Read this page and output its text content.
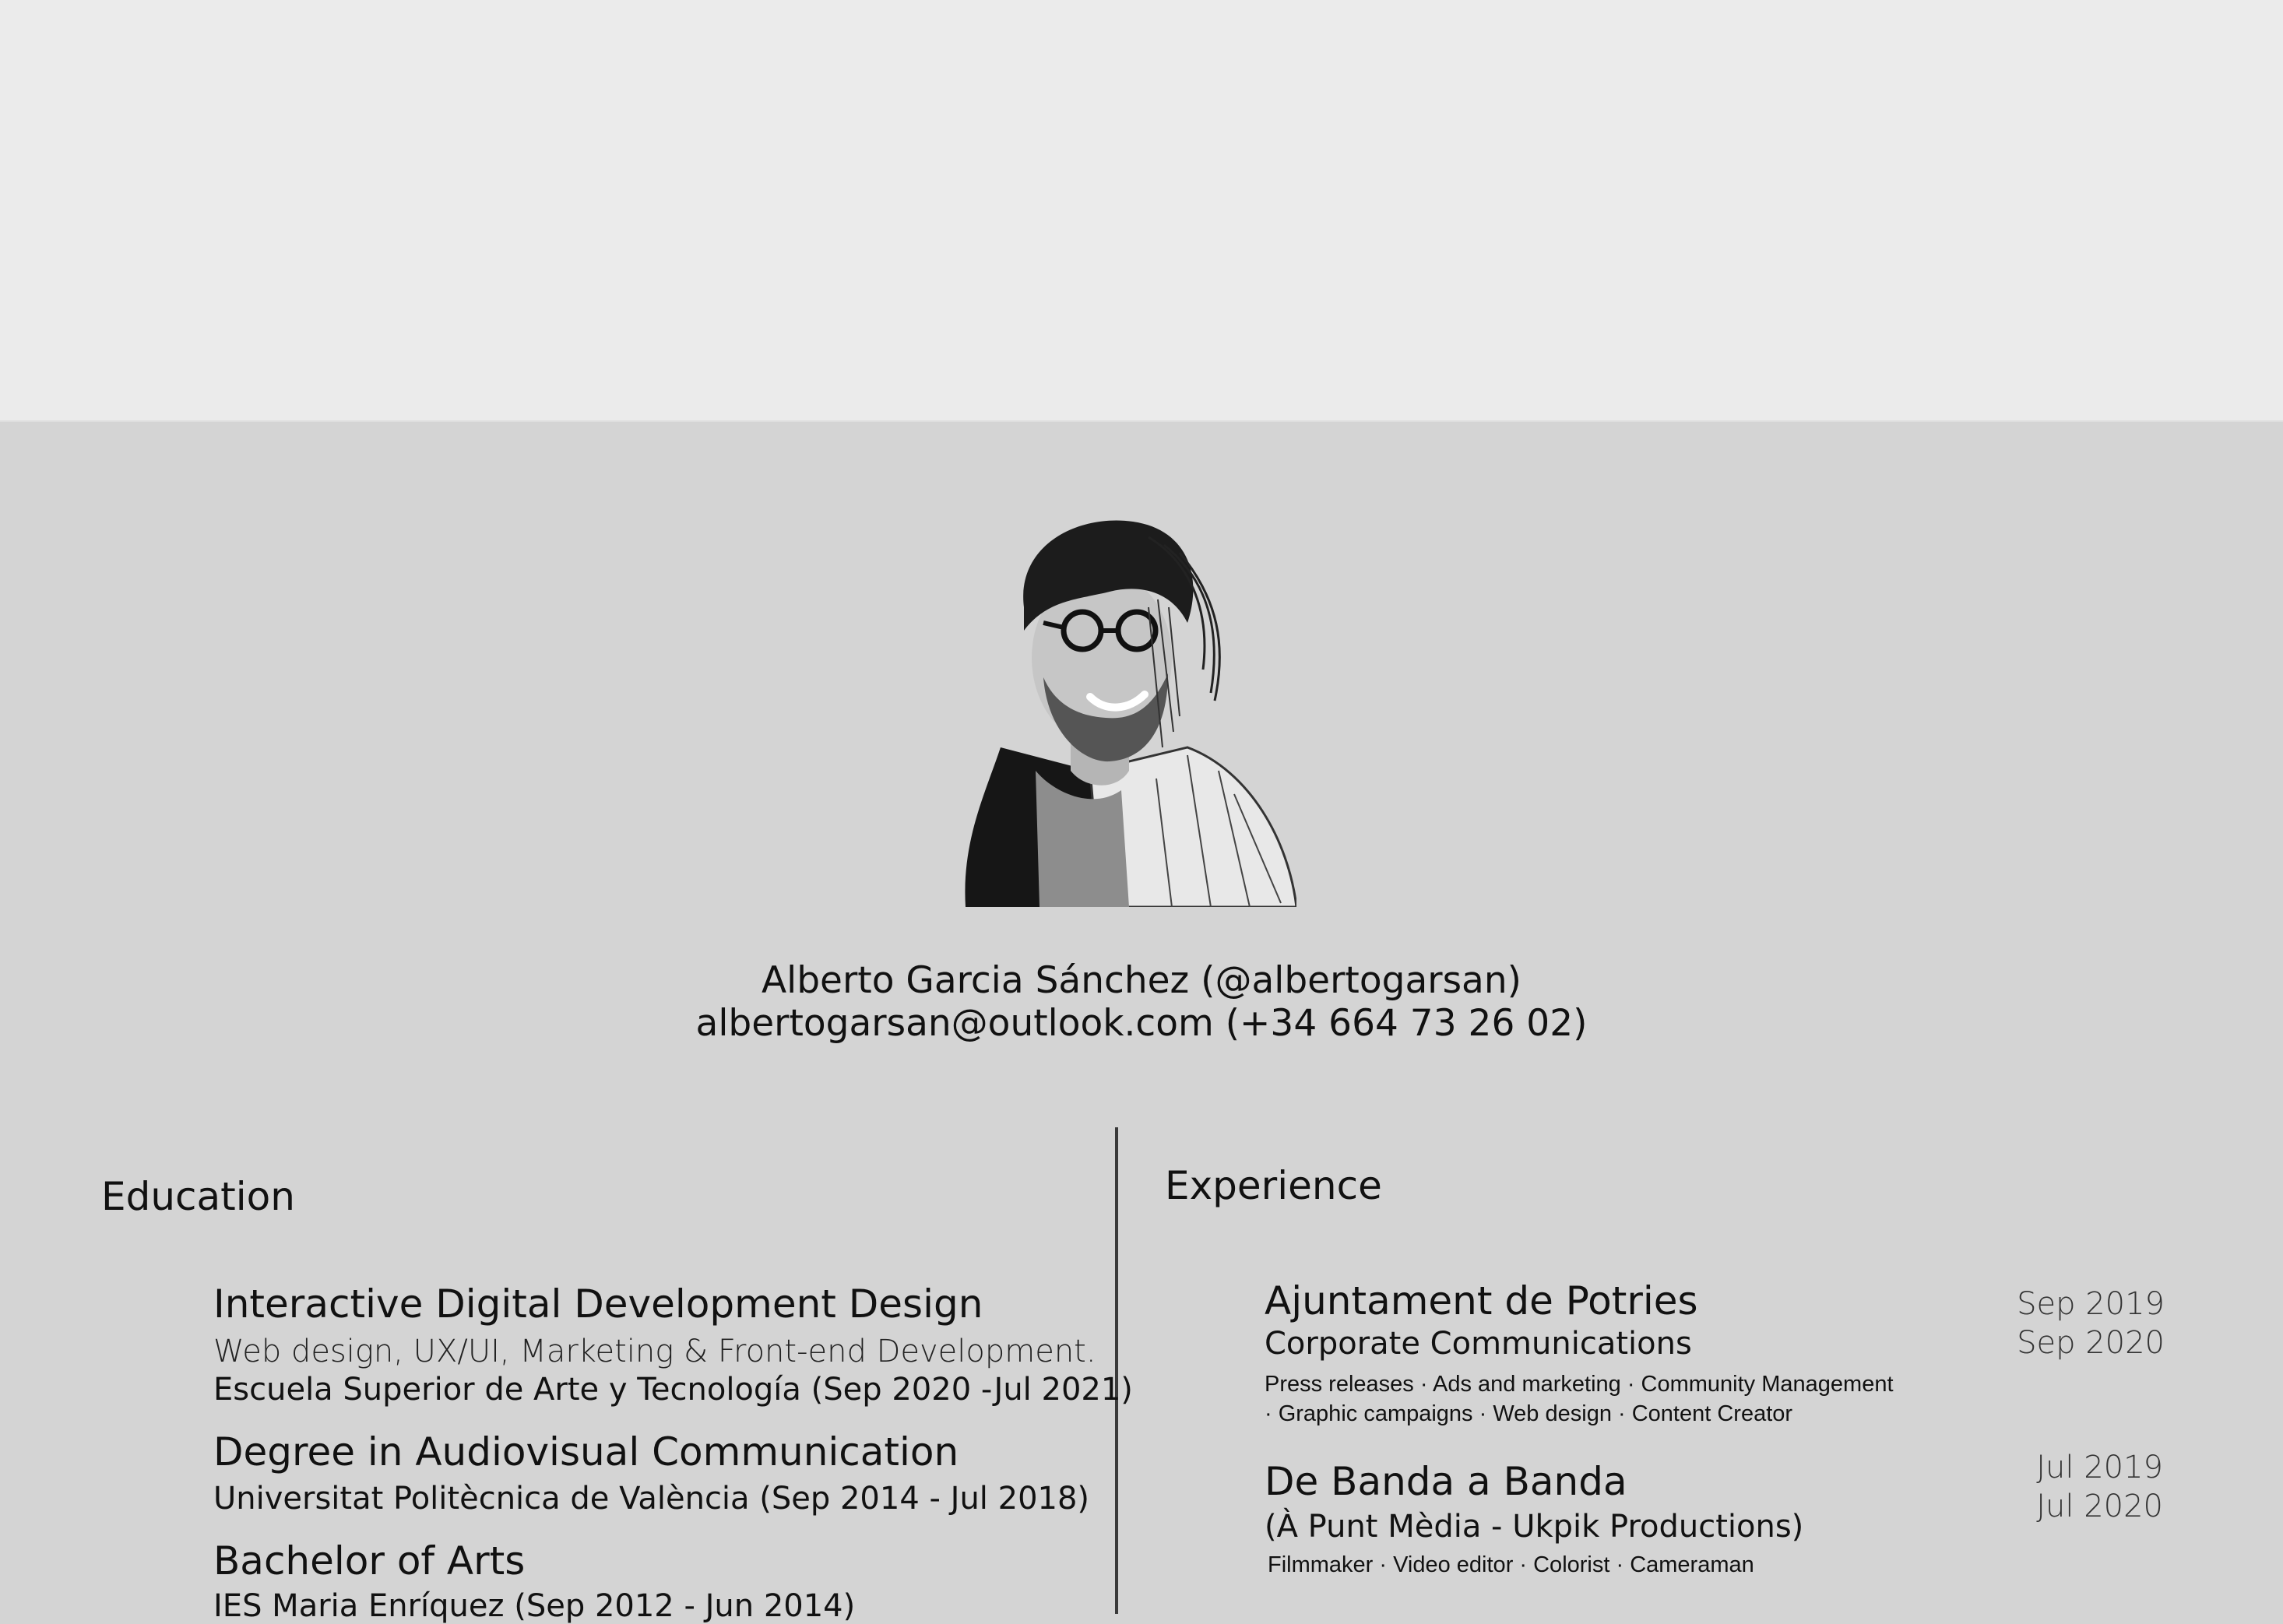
Alberto Garcia Sánchez (@albertogarsan)
albertogarsan@outlook.com (+34 664 73 26 02)
Education
Interactive Digital Development Design
Web design, UX/UI, Marketing & Front-end Development.
Escuela Superior de Arte y Tecnología (Sep 2020 -Jul 2021)
Degree in Audiovisual Communication
Universitat Politècnica de València (Sep 2014 - Jul 2018)
Bachelor of Arts
IES Maria Enríquez (Sep 2012 - Jun 2014)
Experience
Ajuntament de Potries
Corporate Communications
Press releases · Ads and marketing · Community Management
· Graphic campaigns · Web design · Content Creator
Sep 2019
Sep 2020
De Banda a Banda
(À Punt Mèdia - Ukpik Productions)
Filmmaker · Video editor · Colorist · Cameraman
Jul 2019
Jul 2020
